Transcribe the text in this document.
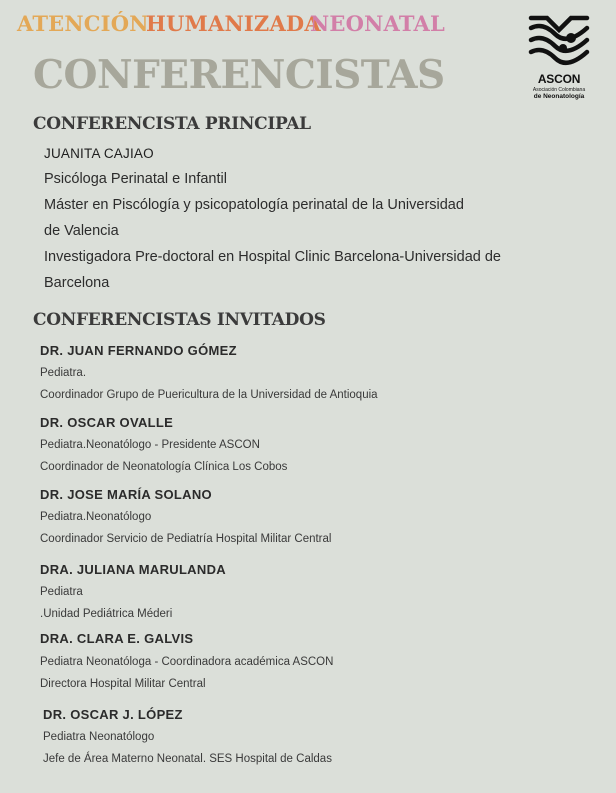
ATENCIÓN
HUMANIZADA
NEONATAL
ASCON
Asociación Colombiana
de Neonatología
CONFERENCISTAS
CONFERENCISTA PRINCIPAL
JUANITA CAJIAO
Psicóloga Perinatal e Infantil
Máster en Piscólogía y psicopatología perinatal de la Universidad
de Valencia
Investigadora Pre-doctoral en Hospital Clinic Barcelona-Universidad de
Barcelona
CONFERENCISTAS INVITADOS
DR. JUAN FERNANDO GÓMEZ
Pediatra.
Coordinador Grupo de Puericultura de la Universidad de Antioquia
DR. OSCAR OVALLE
Pediatra.Neonatólogo - Presidente ASCON
Coordinador de Neonatología Clínica Los Cobos
DR. JOSE MARÍA SOLANO
Pediatra.Neonatólogo
Coordinador Servicio de Pediatría Hospital Militar Central
DRA. JULIANA MARULANDA
Pediatra
.Unidad Pediátrica Méderi
DRA. CLARA E. GALVIS
Pediatra Neonatóloga - Coordinadora académica ASCON
Directora Hospital Militar Central
DR. OSCAR J. LÓPEZ
Pediatra Neonatólogo
Jefe de Área Materno Neonatal. SES Hospital de Caldas
